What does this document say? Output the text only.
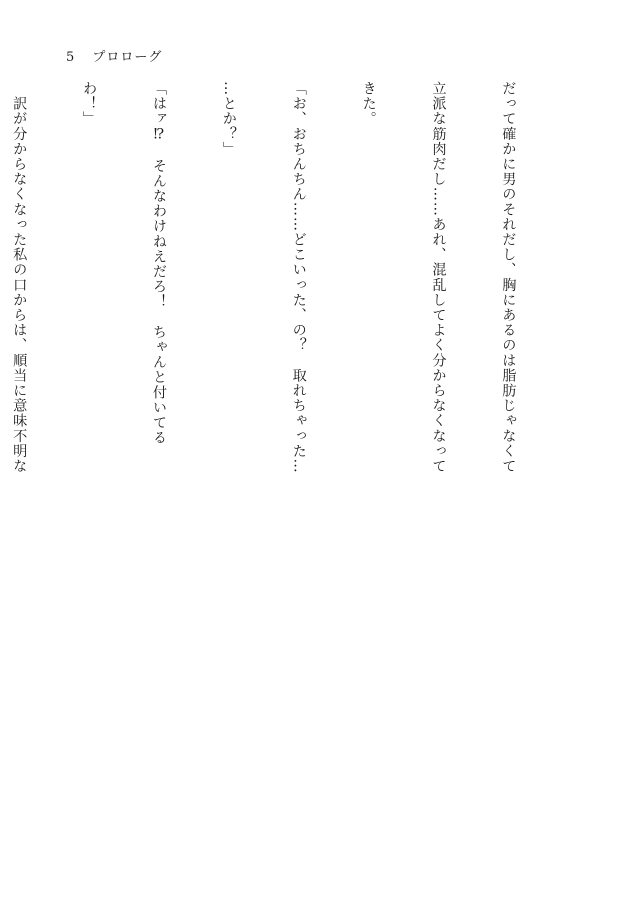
5 プロローグ

だって確かに男のそれだし、胸にあるのは脂肪じゃなくて

立派な筋肉だし……あれ、混乱してよく分からなくなって

きた。

「お、おちんちん……どこいった、の？　取れちゃった…

…とか？」

「はァ⁉　そんなわけねえだろ！　ちゃんと付いてる

わ！」

　訳が分からなくなった私の口からは、順当に意味不明な
